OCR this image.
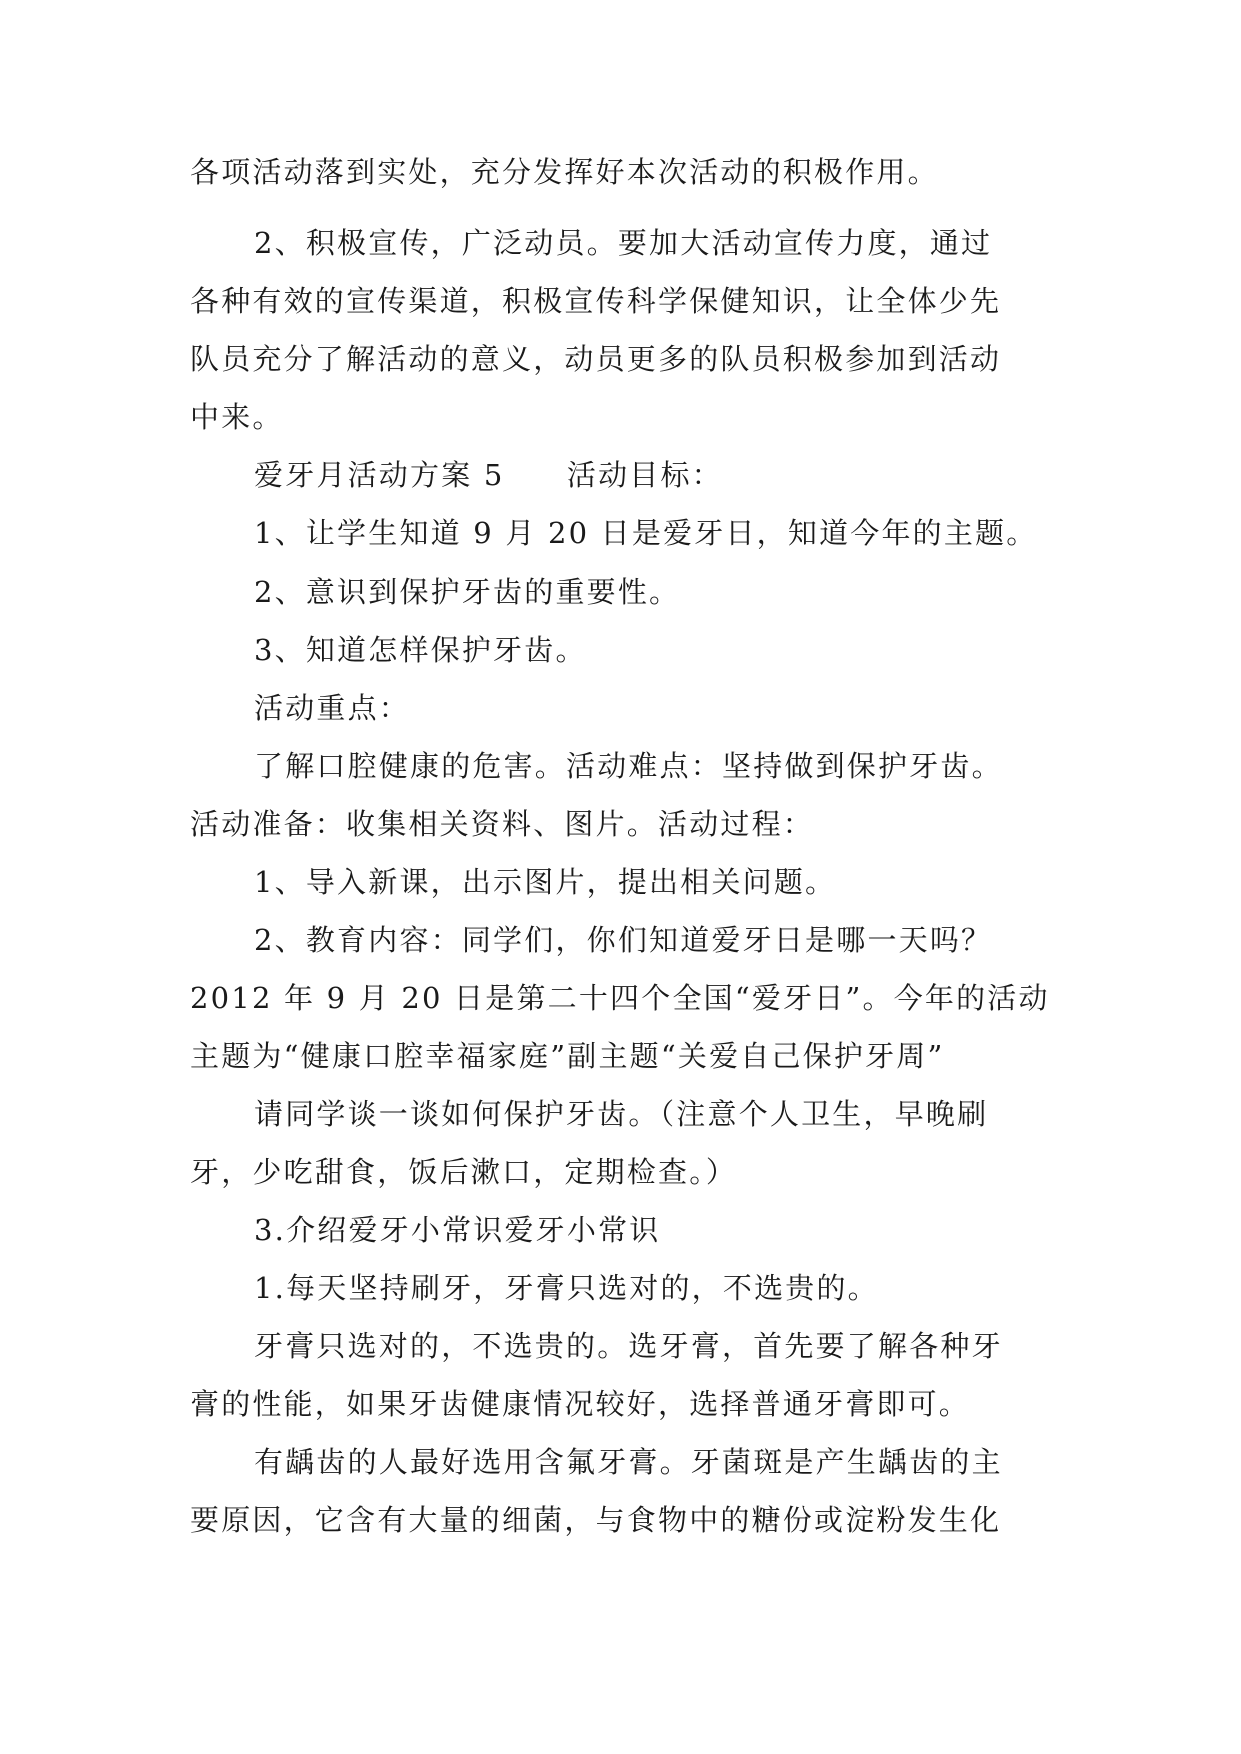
各项活动落到实处，充分发挥好本次活动的积极作用。
2、积极宣传，广泛动员。要加大活动宣传力度，通过
各种有效的宣传渠道，积极宣传科学保健知识，让全体少先
队员充分了解活动的意义，动员更多的队员积极参加到活动
中来。
爱牙月活动方案 5　　活动目标：
1、让学生知道 9 月 20 日是爱牙日，知道今年的主题。
2、意识到保护牙齿的重要性。
3、知道怎样保护牙齿。
活动重点：
了解口腔健康的危害。活动难点：坚持做到保护牙齿。
活动准备：收集相关资料、图片。活动过程：
1、导入新课，出示图片，提出相关问题。
2、教育内容：同学们，你们知道爱牙日是哪一天吗？
2012 年 9 月 20 日是第二十四个全国“爱牙日”。今年的活动
主题为“健康口腔幸福家庭”副主题“关爱自己保护牙周”
请同学谈一谈如何保护牙齿。（注意个人卫生，早晚刷
牙，少吃甜食，饭后漱口，定期检查。）
3.介绍爱牙小常识爱牙小常识
1.每天坚持刷牙，牙膏只选对的，不选贵的。
牙膏只选对的，不选贵的。选牙膏，首先要了解各种牙
膏的性能，如果牙齿健康情况较好，选择普通牙膏即可。
有龋齿的人最好选用含氟牙膏。牙菌斑是产生龋齿的主
要原因，它含有大量的细菌，与食物中的糖份或淀粉发生化
